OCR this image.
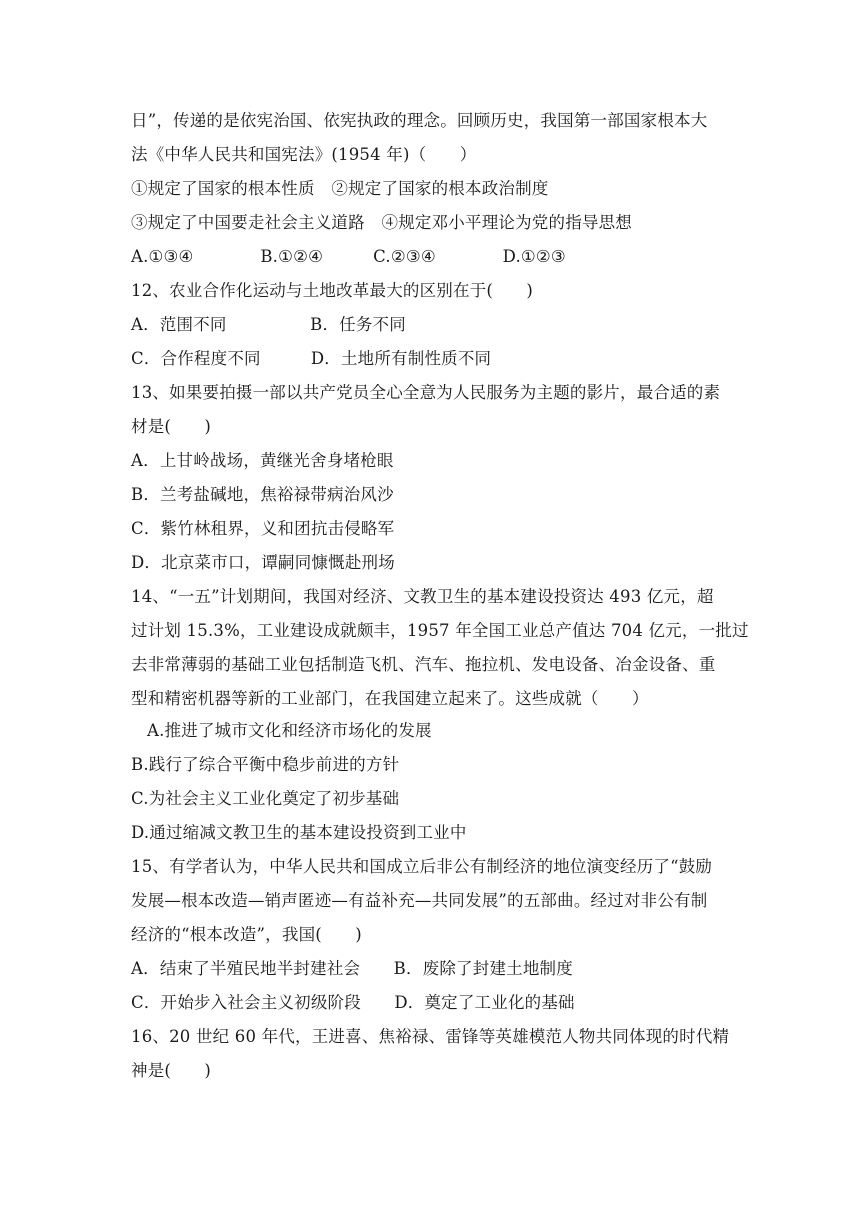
日”，传递的是依宪治国、依宪执政的理念。回顾历史，我国第一部国家根本大
法《中华人民共和国宪法》(1954 年)（　　）
①规定了国家的根本性质　②规定了国家的根本政治制度
③规定了中国要走社会主义道路　④规定邓小平理论为党的指导思想
A.①③④　　　　B.①②④　　　C.②③④　　　　D.①②③
12、农业合作化运动与土地改革最大的区别在于(　　)
A．范围不同　　　　　B．任务不同
C．合作程度不同　　　D．土地所有制性质不同
13、如果要拍摄一部以共产党员全心全意为人民服务为主题的影片，最合适的素
材是(　　)
A．上甘岭战场，黄继光舍身堵枪眼
B．兰考盐碱地，焦裕禄带病治风沙
C．紫竹林租界，义和团抗击侵略军
D．北京菜市口，谭嗣同慷慨赴刑场
14、“一五”计划期间，我国对经济、文教卫生的基本建设投资达 493 亿元，超
过计划 15.3%，工业建设成就颇丰，1957 年全国工业总产值达 704 亿元，一批过
去非常薄弱的基础工业包括制造飞机、汽车、拖拉机、发电设备、冶金设备、重
型和精密机器等新的工业部门，在我国建立起来了。这些成就（　　）
A.推进了城市文化和经济市场化的发展
B.践行了综合平衡中稳步前进的方针
C.为社会主义工业化奠定了初步基础
D.通过缩减文教卫生的基本建设投资到工业中
15、有学者认为，中华人民共和国成立后非公有制经济的地位演变经历了“鼓励
发展—根本改造—销声匿迹—有益补充—共同发展”的五部曲。经过对非公有制
经济的“根本改造”，我国(　　)
A．结束了半殖民地半封建社会　　B．废除了封建土地制度
C．开始步入社会主义初级阶段　　D．奠定了工业化的基础
16、20 世纪 60 年代，王进喜、焦裕禄、雷锋等英雄模范人物共同体现的时代精
神是(　　)
